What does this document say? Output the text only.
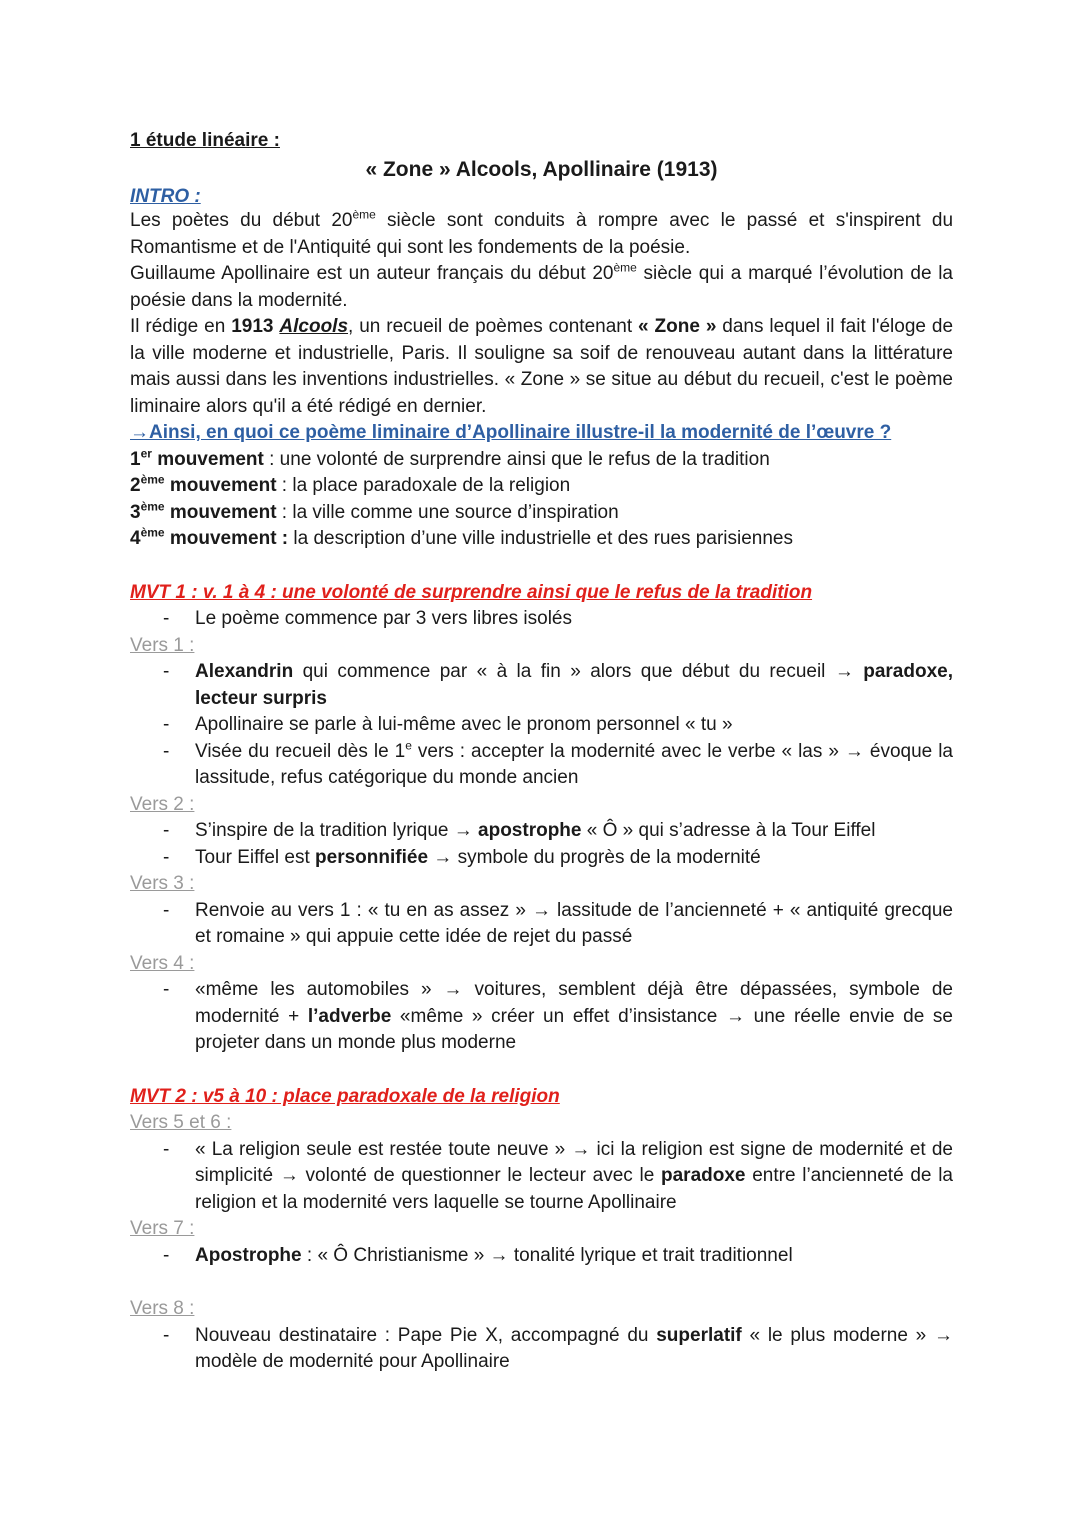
1 étude linéaire :
« Zone » Alcools, Apollinaire (1913)
INTRO :

Les poètes du début 20ème siècle sont conduits à rompre avec le passé et s'inspirent du Romantisme et de l'Antiquité qui sont les fondements de la poésie.

Guillaume Apollinaire est un auteur français du début 20ème siècle qui a marqué l’évolution de la poésie dans la modernité.

Il rédige en 1913 Alcools, un recueil de poèmes contenant « Zone » dans lequel il fait l'éloge de la ville moderne et industrielle, Paris. Il souligne sa soif de renouveau autant dans la littérature mais aussi dans les inventions industrielles. « Zone » se situe au début du recueil, c'est le poème liminaire alors qu'il a été rédigé en dernier.

→Ainsi, en quoi ce poème liminaire d’Apollinaire illustre-il la modernité de l’œuvre ?
1er mouvement : une volonté de surprendre ainsi que le refus de la tradition
2ème mouvement : la place paradoxale de la religion
3ème mouvement : la ville comme une source d’inspiration
4ème mouvement : la description d’une ville industrielle et des rues parisiennes
MVT 1 : v. 1 à 4 : une volonté de surprendre ainsi que le refus de la tradition
- Le poème commence par 3 vers libres isolés
Vers 1 :
- Alexandrin qui commence par « à la fin » alors que début du recueil → paradoxe, lecteur surpris
- Apollinaire se parle à lui-même avec le pronom personnel « tu »
- Visée du recueil dès le 1e vers : accepter la modernité avec le verbe « las » → évoque la lassitude, refus catégorique du monde ancien
Vers 2 :
- S’inspire de la tradition lyrique → apostrophe « Ô » qui s’adresse à la Tour Eiffel
- Tour Eiffel est personnifiée → symbole du progrès de la modernité
Vers 3 :
- Renvoie au vers 1 : « tu en as assez » → lassitude de l’ancienneté + « antiquité grecque et romaine » qui appuie cette idée de rejet du passé
Vers 4 :
- «même les automobiles » → voitures, semblent déjà être dépassées, symbole de modernité + l’adverbe «même » créer un effet d’insistance → une réelle envie de se projeter dans un monde plus moderne
MVT 2 : v5 à 10 : place paradoxale de la religion
Vers 5 et 6 :
- « La religion seule est restée toute neuve » → ici la religion est signe de modernité et de simplicité → volonté de questionner le lecteur avec le paradoxe entre l’ancienneté de la religion et la modernité vers laquelle se tourne Apollinaire
Vers 7 :
- Apostrophe : « Ô Christianisme » → tonalité lyrique et trait traditionnel
Vers 8 :
- Nouveau destinataire : Pape Pie X, accompagné du superlatif « le plus moderne » → modèle de modernité pour Apollinaire
